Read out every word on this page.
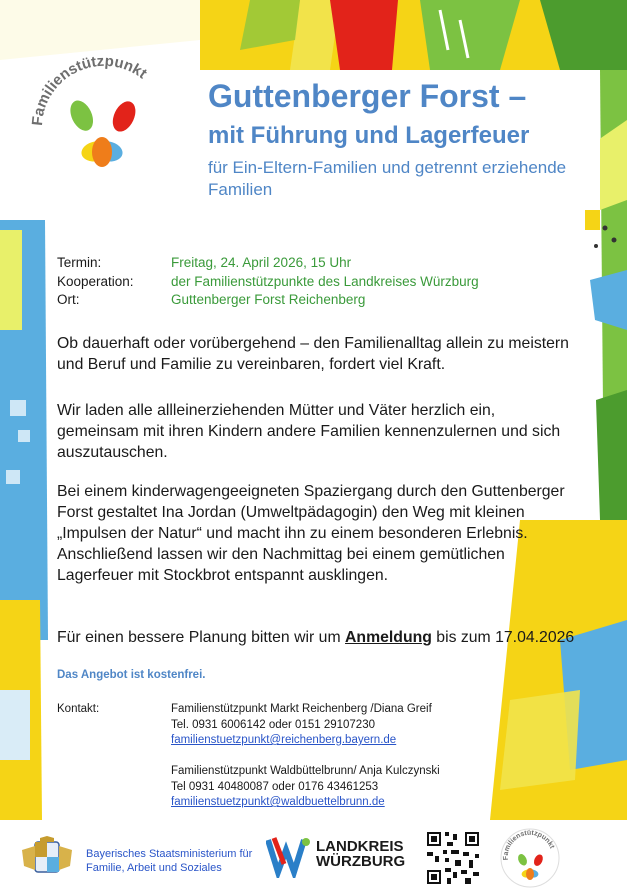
Familienstützpunkt
Guttenberger Forst –
mit Führung und Lagerfeuer
für Ein-Eltern-Familien und getrennt erziehende Familien
Termin:	Freitag, 24. April 2026, 15 Uhr
Kooperation:	der Familienstützpunkte des Landkreises Würzburg
Ort:	Guttenberger Forst Reichenberg
Ob dauerhaft oder vorübergehend – den Familienalltag allein zu meistern und Beruf und Familie zu vereinbaren, fordert viel Kraft.
Wir laden alle allleinerziehenden Mütter und Väter herzlich ein, gemeinsam mit ihren Kindern andere Familien kennenzulernen und sich auszutauschen.
Bei einem kinderwagengeeigneten Spaziergang durch den Guttenberger Forst gestaltet Ina Jordan (Umweltpädagogin) den Weg mit kleinen „Impulsen der Natur“ und macht ihn zu einem besonderen Erlebnis. Anschließend lassen wir den Nachmittag bei einem gemütlichen Lagerfeuer mit Stockbrot entspannt ausklingen.
Für einen bessere Planung bitten wir um Anmeldung bis zum 17.04.2026
Das Angebot ist kostenfrei.
Kontakt:	Familienstützpunkt Markt Reichenberg /Diana Greif
Tel. 0931 6006142 oder 0151 29107230
familienstuetzpunkt@reichenberg.bayern.de
Familienstützpunkt Waldbüttelbrunn/ Anja Kulczynski
Tel 0931 40480087 oder 0176 43461253
familienstuetzpunkt@waldbuettelbrunn.de
Bayerisches Staatsministerium für
Familie, Arbeit und Soziales
LANDKREIS
WÜRZBURG	Familienstützpunkt
